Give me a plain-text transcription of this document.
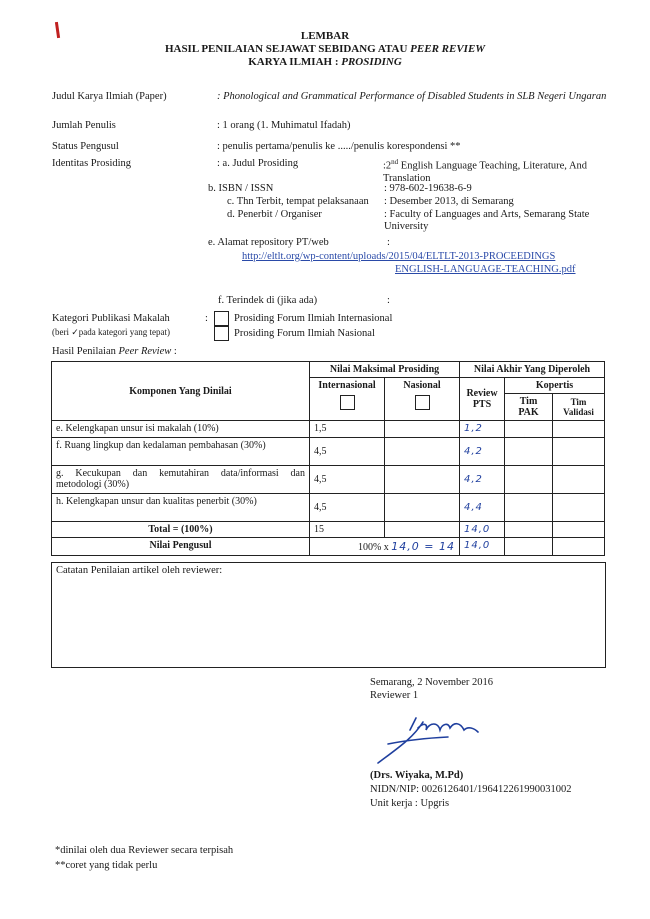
LEMBAR
HASIL PENILAIAN SEJAWAT SEBIDANG ATAU PEER REVIEW
KARYA ILMIAH : PROSIDING
Judul Karya Ilmiah (Paper)	: Phonological and Grammatical Performance of Disabled Students in SLB Negeri Ungaran
Jumlah Penulis	: 1 orang (1. Muhimatul Ifadah)
Status Pengusul	: penulis pertama/penulis ke ...../penulis korespondensi **
Identitas Prosiding	: a. Judul Prosiding	:2nd English Language Teaching, Literature, And Translation
b. ISBN / ISSN	: 978-602-19638-6-9
c. Thn Terbit, tempat pelaksanaan : Desember 2013, di Semarang
d. Penerbit / Organiser	: Faculty of Languages and Arts, Semarang State University
e. Alamat repository PT/web	:
http://eltlt.org/wp-content/uploads/2015/04/ELTLT-2013-PROCEEDINGS
ENGLISH-LANGUAGE-TEACHING.pdf
f. Terindek di (jika ada)	:
Kategori Publikasi Makalah	:
(beri ✓pada kategori yang tepat)
Prosiding Forum Ilmiah Internasional
Prosiding Forum Ilmiah Nasional
Hasil Penilaian Peer Review :
Komponen Yang Dinilai	Nilai Maksimal Prosiding		Nilai Akhir Yang Diperoleh		

	Internasional	Nasional	Review PTS	Kopertis	
				Tim PAK	Tim Validasi
e. Kelengkapan unsur isi makalah (10%)	1,5		1,2		
f. Ruang lingkup dan kedalaman pembahasan (30%)	4,5		4,2		
g. Kecukupan dan kemutahiran data/informasi dan metodologi (30%)	4,5		4,2		
h. Kelengkapan unsur dan kualitas penerbit (30%)	4,5		4,4		
Total = (100%)	15		14,0		
Nilai Pengusul	100% x 14,0 = 14		14,0		
Catatan Penilaian artikel oleh reviewer:
Semarang, 2 November 2016
Reviewer 1
(Drs. Wiyaka, M.Pd)
NIDN/NIP: 0026126401/196412261990031002
Unit kerja : Upgris
*dinilai oleh dua Reviewer secara terpisah
**coret yang tidak perlu
